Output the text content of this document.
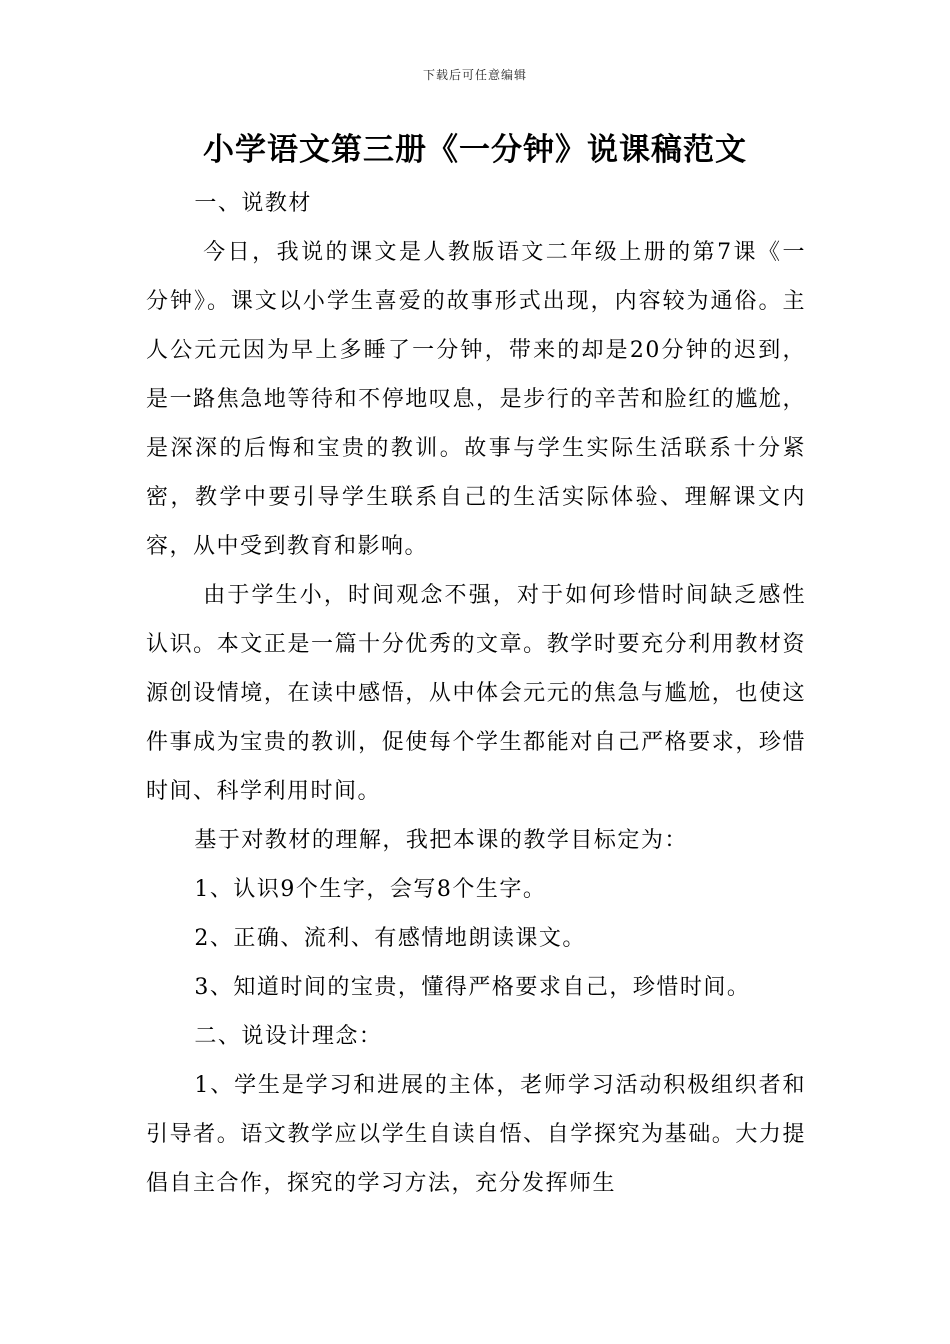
下载后可任意编辑
小学语文第三册《一分钟》说课稿范文

一、说教材

今日，我说的课文是人教版语文二年级上册的第7课《一分钟》。课文以小学生喜爱的故事形式出现，内容较为通俗。主人公元元因为早上多睡了一分钟，带来的却是20分钟的迟到，是一路焦急地等待和不停地叹息，是步行的辛苦和脸红的尴尬，是深深的后悔和宝贵的教训。故事与学生实际生活联系十分紧密，教学中要引导学生联系自己的生活实际体验、理解课文内容，从中受到教育和影响。

由于学生小，时间观念不强，对于如何珍惜时间缺乏感性认识。本文正是一篇十分优秀的文章。教学时要充分利用教材资源创设情境，在读中感悟，从中体会元元的焦急与尴尬，也使这件事成为宝贵的教训，促使每个学生都能对自己严格要求，珍惜时间、科学利用时间。

基于对教材的理解，我把本课的教学目标定为：

1、认识9个生字，会写8个生字。

2、正确、流利、有感情地朗读课文。

3、知道时间的宝贵，懂得严格要求自己，珍惜时间。

二、说设计理念：

1、学生是学习和进展的主体，老师学习活动积极组织者和引导者。语文教学应以学生自读自悟、自学探究为基础。大力提倡自主合作，探究的学习方法，充分发挥师生
